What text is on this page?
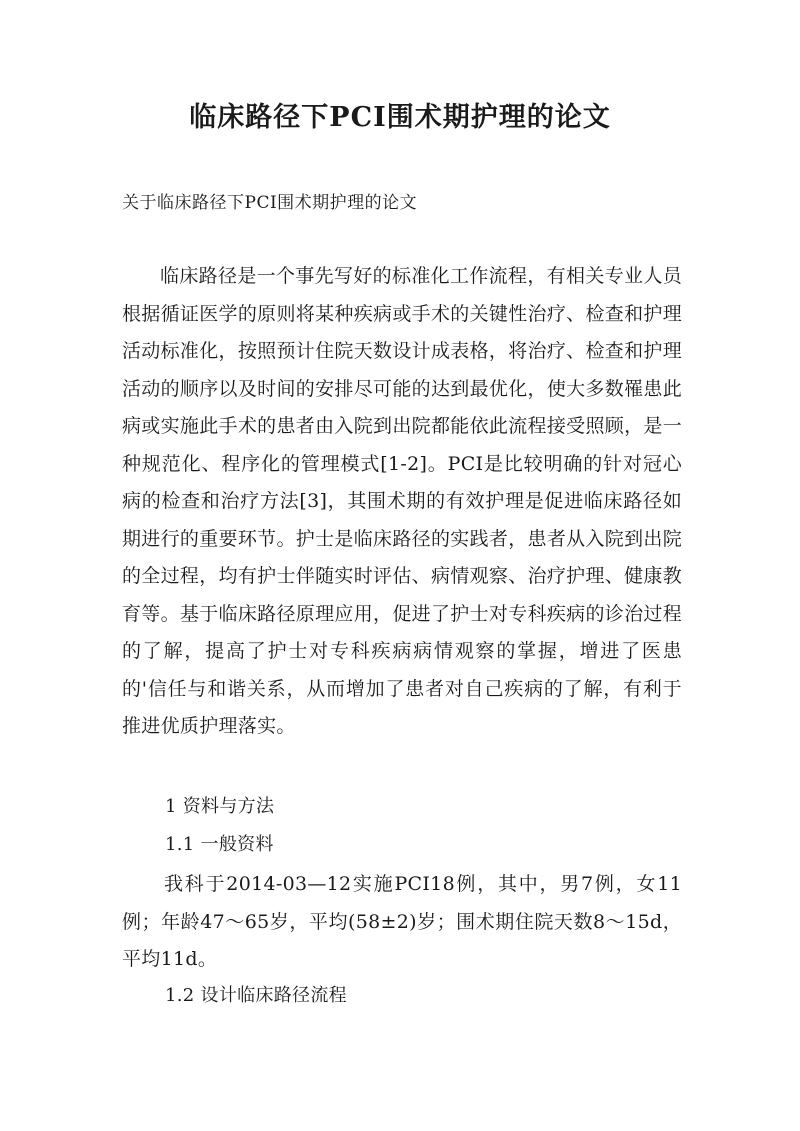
临床路径下PCI围术期护理的论文

关于临床路径下PCI围术期护理的论文

临床路径是一个事先写好的标准化工作流程，有相关专业人员根据循证医学的原则将某种疾病或手术的关键性治疗、检查和护理活动标准化，按照预计住院天数设计成表格，将治疗、检查和护理活动的顺序以及时间的安排尽可能的达到最优化，使大多数罹患此病或实施此手术的患者由入院到出院都能依此流程接受照顾，是一种规范化、程序化的管理模式[1-2]。PCI是比较明确的针对冠心病的检查和治疗方法[3]，其围术期的有效护理是促进临床路径如期进行的重要环节。护士是临床路径的实践者，患者从入院到出院的全过程，均有护士伴随实时评估、病情观察、治疗护理、健康教育等。基于临床路径原理应用，促进了护士对专科疾病的诊治过程的了解，提高了护士对专科疾病病情观察的掌握，增进了医患的'信任与和谐关系，从而增加了患者对自己疾病的了解，有利于推进优质护理落实。

1 资料与方法

1.1 一般资料

我科于2014-03—12实施PCI18例，其中，男7例，女11例；年龄47～65岁，平均(58±2)岁；围术期住院天数8～15d，平均11d。

1.2 设计临床路径流程
